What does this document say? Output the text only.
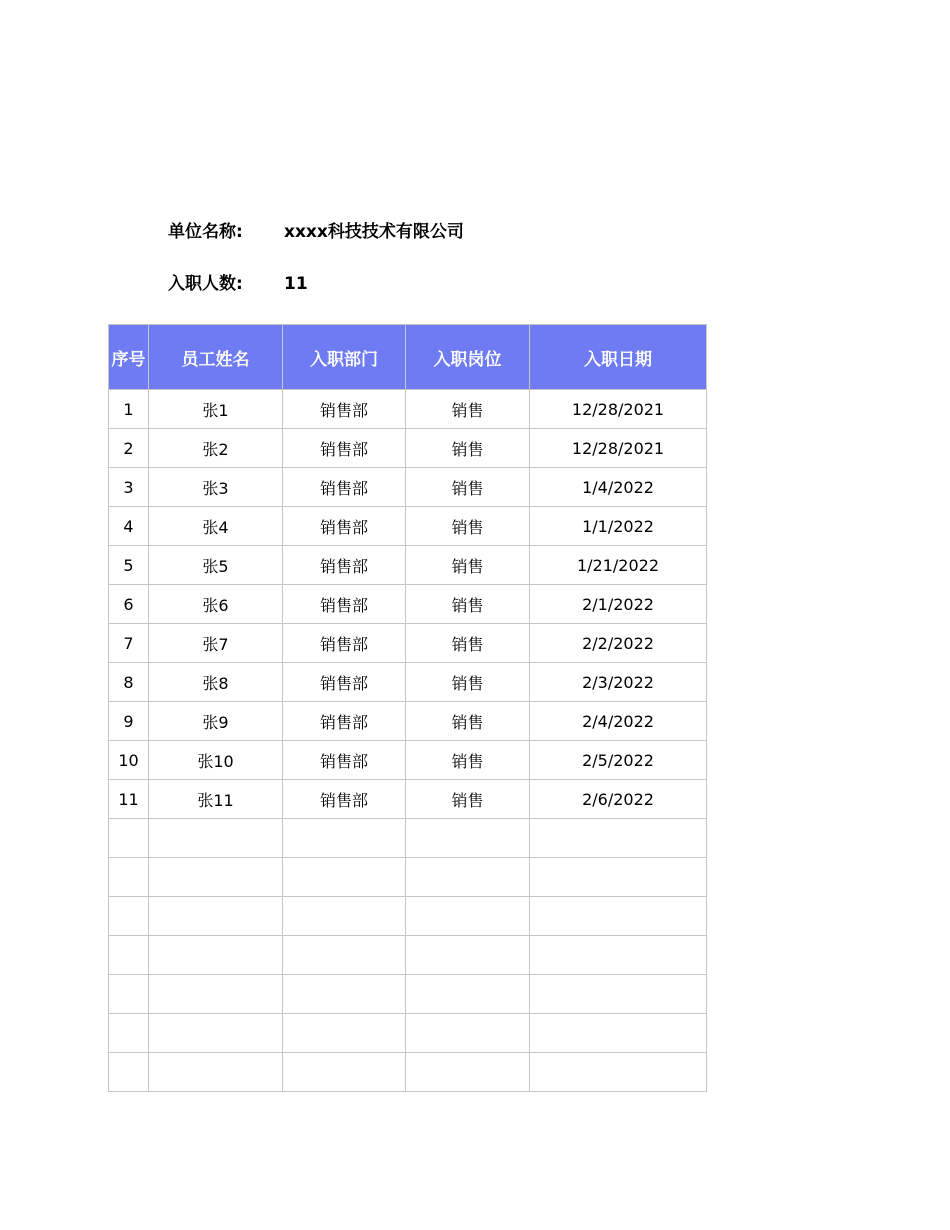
单位名称: xxxx科技技术有限公司
入职人数: 11
序号	员工姓名	入职部门	入职岗位	入职日期
1	张1	销售部	销售	12/28/2021
2	张2	销售部	销售	12/28/2021
3	张3	销售部	销售	1/4/2022
4	张4	销售部	销售	1/1/2022
5	张5	销售部	销售	1/21/2022
6	张6	销售部	销售	2/1/2022
7	张7	销售部	销售	2/2/2022
8	张8	销售部	销售	2/3/2022
9	张9	销售部	销售	2/4/2022
10	张10	销售部	销售	2/5/2022
11	张11	销售部	销售	2/6/2022
